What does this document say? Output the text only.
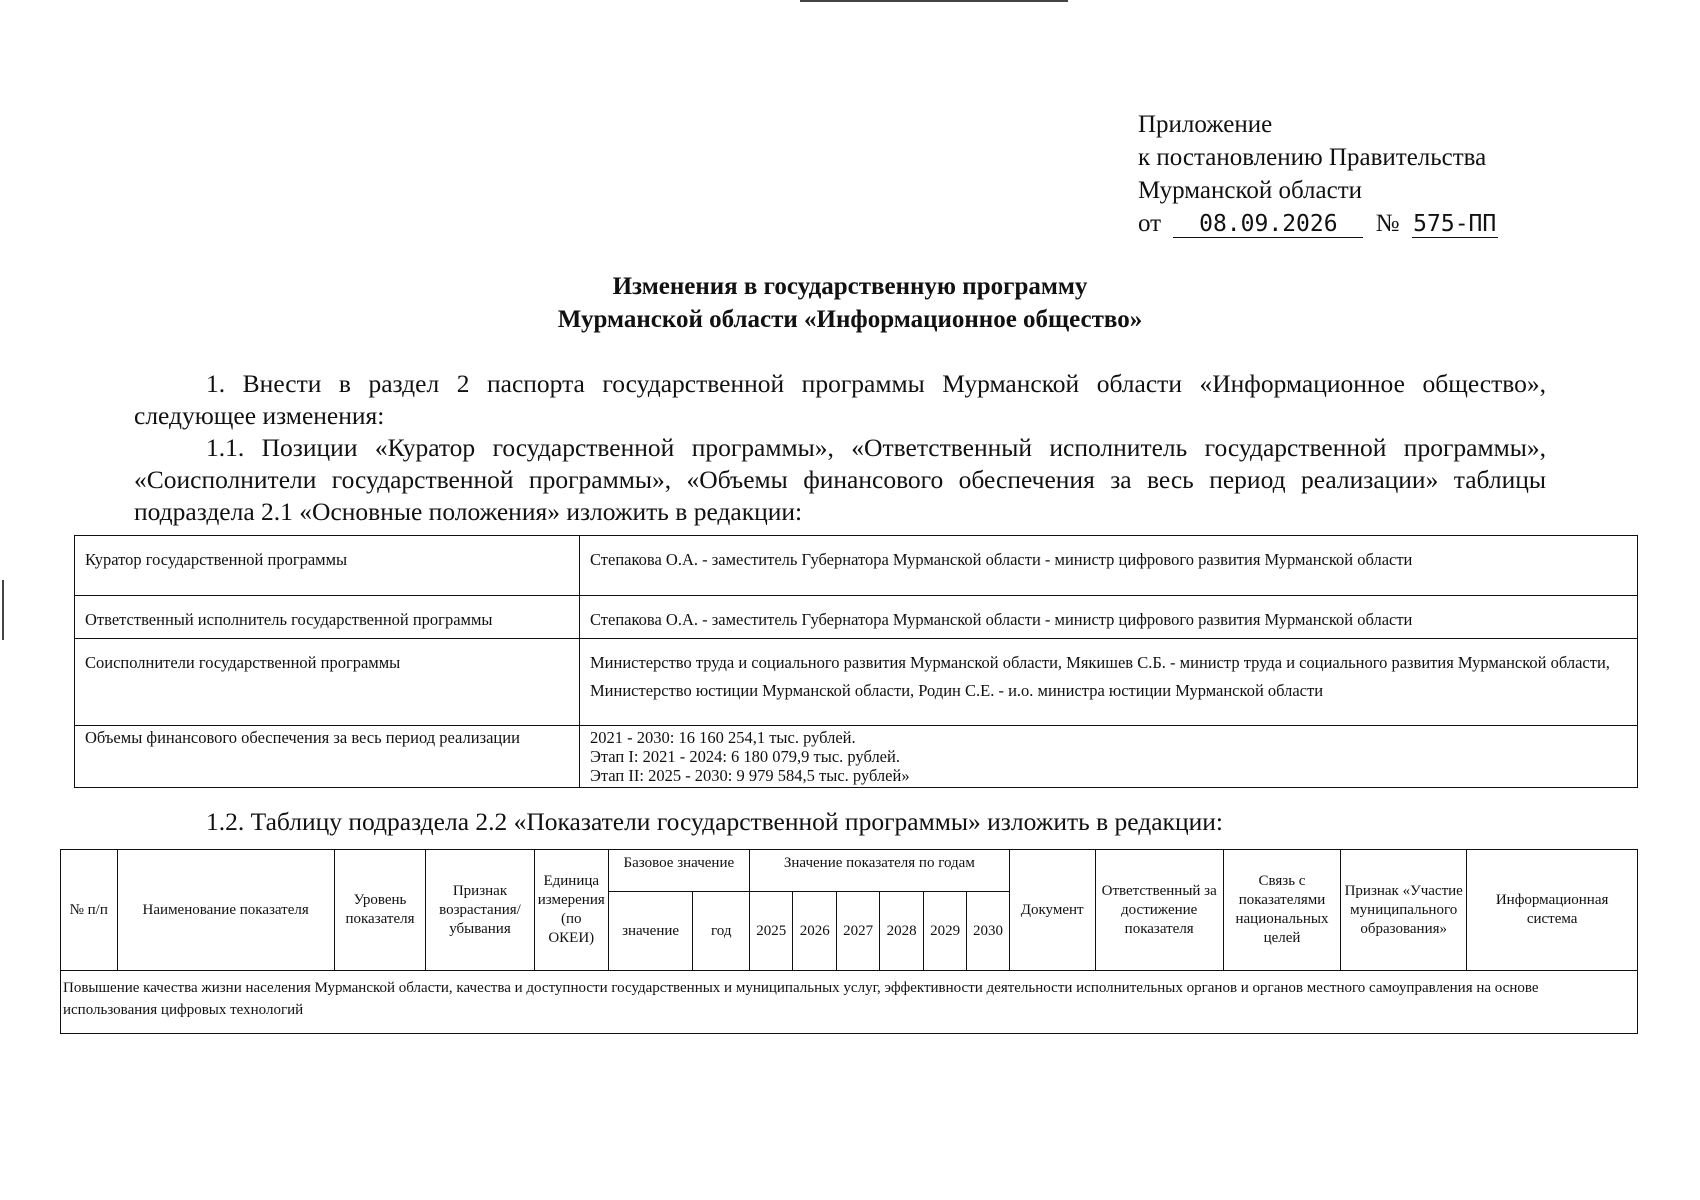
Приложение
к постановлению Правительства
Мурманской области
от 08.09.2026 № 575-ПП
Изменения в государственную программу
Мурманской области «Информационное общество»
1. Внести в раздел 2 паспорта государственной программы Мурманской области «Информационное общество», следующее изменения:
1.1. Позиции «Куратор государственной программы», «Ответственный исполнитель государственной программы», «Соисполнители государственной программы», «Объемы финансового обеспечения за весь период реализации» таблицы подраздела 2.1 «Основные положения» изложить в редакции:
Куратор государственной программы	Степакова О.А. - заместитель Губернатора Мурманской области - министр цифрового развития Мурманской области
Ответственный исполнитель государственной программы	Степакова О.А. - заместитель Губернатора Мурманской области - министр цифрового развития Мурманской области
Соисполнители государственной программы	Министерство труда и социального развития Мурманской области, Мякишев С.Б. - министр труда и социального развития Мурманской области, Министерство юстиции Мурманской области, Родин С.Е. - и.о. министра юстиции Мурманской области
Объемы финансового обеспечения за весь период реализации	2021 - 2030: 16 160 254,1 тыс. рублей.
Этап I: 2021 - 2024: 6 180 079,9 тыс. рублей.
Этап II: 2025 - 2030: 9 979 584,5 тыс. рублей»
1.2. Таблицу подраздела 2.2 «Показатели государственной программы» изложить в редакции:
№ п/п	Наименование показателя	Уровень показателя	Признак возрастания/ убывания	Единица измерения (по ОКЕИ)	Базовое значение		Значение показателя по годам						Документ	Ответственный за достижение показателя	Связь с показателями национальных целей	Признак «Участие муниципального образования»	Информационная система
					значение	год	2025	2026	2027	2028	2029	2030					
Повышение качества жизни населения Мурманской области, качества и доступности государственных и муниципальных услуг, эффективности деятельности исполнительных органов и органов местного самоуправления на основе использования цифровых технологий																	
